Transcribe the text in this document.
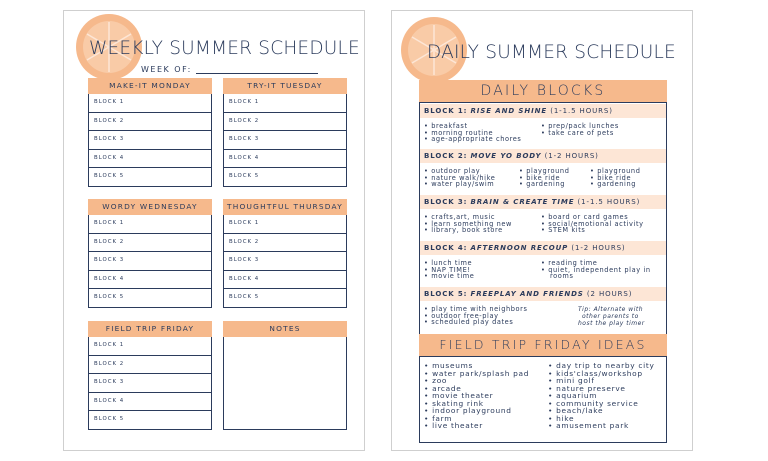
WEEKLY SUMMER SCHEDULE
WEEK OF:
MAKE-IT MONDAY
BLOCK 1
BLOCK 2
BLOCK 3
BLOCK 4
BLOCK 5
TRY-IT TUESDAY
BLOCK 1
BLOCK 2
BLOCK 3
BLOCK 4
BLOCK 5
WORDY WEDNESDAY
BLOCK 1
BLOCK 2
BLOCK 3
BLOCK 4
BLOCK 5
THOUGHTFUL THURSDAY
BLOCK 1
BLOCK 2
BLOCK 3
BLOCK 4
BLOCK 5
FIELD TRIP FRIDAY
BLOCK 1
BLOCK 2
BLOCK 3
BLOCK 4
BLOCK 5
NOTES
DAILY SUMMER SCHEDULE
DAILY BLOCKS
BLOCK 1: RISE AND SHINE (1-1.5 HOURS)
• breakfast
• morning routine
• age-appropriate chores
• prep/pack lunches
• take care of pets
BLOCK 2: MOVE YO BODY (1-2 HOURS)
• outdoor play
• nature walk/hike
• water play/swim
• playground
• bike ride
• gardening
• playground
• bike ride
• gardening
BLOCK 3: BRAIN & CREATE TIME (1-1.5 HOURS)
• crafts,art, music
• learn something new
• library, book store
• board or card games
• social/emotional activity
• STEM kits
BLOCK 4: AFTERNOON RECOUP (1-2 HOURS)
• lunch time
• NAP TIME!
• movie time
• reading time
• quiet, independent play in
rooms
BLOCK 5: FREEPLAY AND FRIENDS (2 HOURS)
• play time with neighbors
• outdoor free-play
• scheduled play dates
Tip: Alternate with
other parents to
host the play timer
FIELD TRIP FRIDAY IDEAS
• museums
• water park/splash pad
• zoo
• arcade
• movie theater
• skating rink
• indoor playground
• farm
• live theater
• day trip to nearby city
• kids'class/workshop
• mini golf
• nature preserve
• aquarium
• community service
• beach/lake
• hike
• amusement park
